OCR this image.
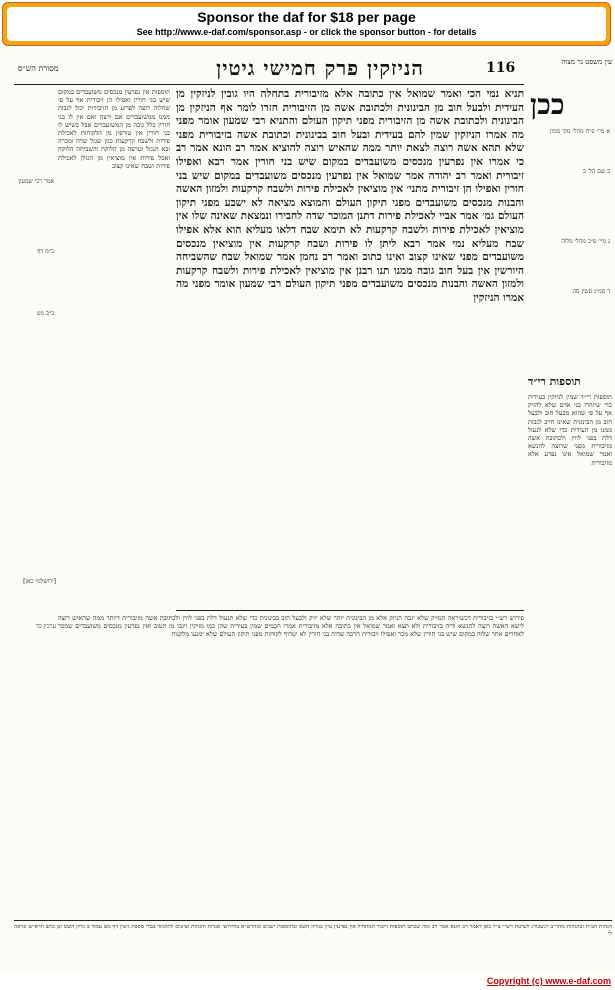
Sponsor the daf for $18 per page
See http://www.e-daf.com/sponsor.asp - or click the sponsor button - for details
מסורת הש״ס	הניזקין פרק חמישי גיטין	116	עין משפט נר מצוה
תוספות אין נפרעין מנכסים משועבדים במקום שיש בני חורין ואפילו הן זיבורית אף על פי שהלוה רוצה לפרוע מן הזיבורית יכול לגבות ממנו ממשועבדים אם ירצה ואם אין לו בני חורין כלל גובה מן המשועבדים אבל כשיש לו בני חורין אין טורפין מן הלקוחות לאכילת פירות ולשבח קרקעות כגון שגזל שדה ומכרה ובא הנגזל וטרפה מן הלוקח והשביחה הלוקח ואכל פירות אין מוציאין מן הגזלן לאכילת פירות ושבח שאינו קצוב
אמר רבי שמעון
כ״מ דף
ב״ב מט
[ירושלמי כאן]
ערכין כד
תניא נמי הכי ואמר שמואל אין כתובה אלא מזיבורית בתחלה היו גובין לניזקין מן העידית ולבעל חוב מן הבינונית ולכתובת אשה מן הזיבורית חזרו לומר אף הניזקין מן הבינונית ולכתובת אשה מן הזיבורית מפני תיקון העולם והתניא רבי שמעון אומר מפני מה אמרו הניזקין שמין להם בעידית ובעל חוב בבינונית וכתובת אשה בזיבורית מפני שלא תהא אשה רוצה לצאת יותר ממה שהאיש רוצה להוציא אמר רב הונא אמר רב כי אמרו אין נפרעין מנכסים משועבדים במקום שיש בני חורין אמר רבא ואפילו זיבורית ואמר רב יהודה אמר שמואל אין נפרעין מנכסים משועבדים במקום שיש בני חורין ואפילו הן זיבורית מתני׳ אין מוציאין לאכילת פירות ולשבח קרקעות ולמזון האשה והבנות מנכסים משועבדים מפני תיקון העולם והמוצא מציאה לא ישבע מפני תיקון העולם גמ׳ אמר אביי לאכילת פירות דתנן המוכר שדה לחבירו ונמצאת שאינה שלו אין מוציאין לאכילת פירות ולשבח קרקעות לא תימא שבח דלאו מעליא הוא אלא אפילו שבח מעליא נמי אמר רבא ליתן לו פירות ושבח קרקעות אין מוציאין מנכסים משועבדים מפני שאינו קצוב ואינו כתוב ואמר רב נחמן אמר שמואל שבח שהשביחה היורשין אין בעל חוב גובה ממנו תנו רבנן אין מוציאין לאכילת פירות ולשבח קרקעות ולמזון האשה והבנות מנכסים משועבדים מפני תיקון העולם רבי שמעון אומר מפני מה אמרו הניזקין
ככן
א מיי׳ פ״ח מהל׳ נזקי ממון
ב שם הל׳ ב
ג מיי׳ פ״כ מהל׳ מלוה
ד סמ״ג עשין סה
תוספות רי״ד
תוספות רי״ד שמין לניזקין בעידית כדי שיזהרו בני אדם שלא להזיק אף על פי שהוא מבעל חוב ולבעל חוב מן הבינונית שאינו חייב לגבות ממנו מן העידית כדי שלא לנעול דלת בפני לווין ולכתובת אשה מזיבורית מפני שרוצה להנשא ואמר שמואל אינו נפרע אלא מזיבורית
פירוש רש״י בזיבורית דכשיראה המזיק שלא יגבה הניזק אלא מן הבינונית יזהר שלא יזיק ולבעל חוב בבינונית כדי שלא תנעול דלת בפני לווין ולכתובת אשה מזיבורית דיותר ממה שהאיש רוצה לישא האשה רוצה להנשא ודיה בזיבורית ולא תצא ואמר שמואל אין כתובה אלא מזיבורית אמרו חכמים שמין בעידית שהן כמו מזיקין ויגבו מן הטוב ואין נפרעין מנכסים משועבדים שמכר לאחרים אחר שלוה במקום שיש בני חורין שלא מכר ואפילו זיבורית הרבה שדות בני חורין לא יטרוף לקוחות מפני תיקון העולם שלא ימנעו מלקנות
הגהות הב״ח ובהגהות מהר״ב רנשבורג לשיטת רש״י צ״ל כאן דאמר רב הונא אמר רב ומה שכתב תוספות דיבור המתחיל אין נפרעין עיין בגליון השס ובתוספות ישנים ומהרש״א בחידושי אגדות והגהות וציונים לתלמוד בבלי מסכת גיטין דף מט עמוד ב גליון השס וכן כתב הרא״ש ונראה לי
Copyright (c) www.e-daf.com
